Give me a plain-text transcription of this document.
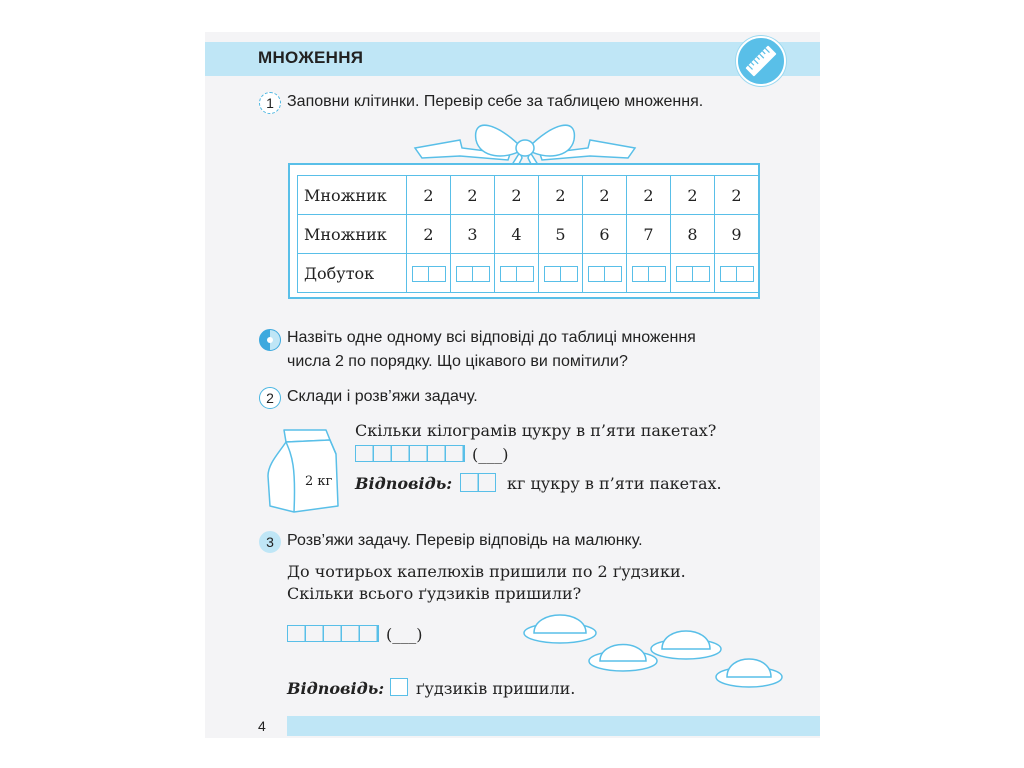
МНОЖЕННЯ
1 Заповни клітинки. Перевір себе за таблицею множення.
Множник	2	2	2	2	2	2	2	2
Множник	2	3	4	5	6	7	8	9
Добуток								
Назвіть одне одному всі відповіді до таблиці множення
числа 2 по порядку. Що цікавого ви помітили?
2 Склади і розв’яжи задачу.
2 кг
Скільки кілограмів цукру в п’яти пакетах?
(___)
Відповідь:	кг цукру в п’яти пакетах.
3 Розв’яжи задачу. Перевір відповідь на малюнку.
До чотирьох капелюхів пришили по 2 ґудзики.
Скільки всього ґудзиків пришили?
(___)
Відповідь: ґудзиків пришили.
4
